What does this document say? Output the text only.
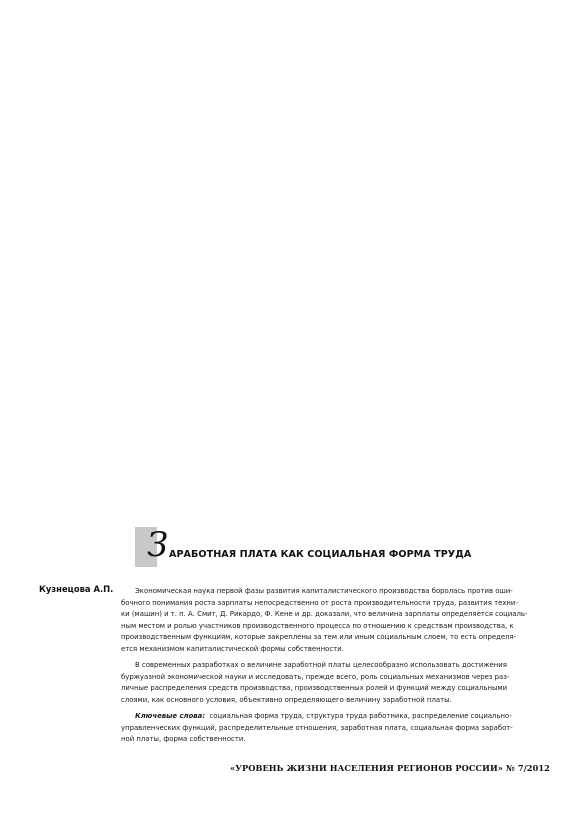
З АРАБОТНАЯ ПЛАТА КАК СОЦИАЛЬНАЯ ФОРМА ТРУДА
Кузнецова А.П.	Экономическая наука первой фазы развития капиталистического производства боролась против оши-
бочного понимания роста зарплаты непосредственно от роста производительности труда, развития техни-
ки (машин) и т. п. А. Смит, Д. Рикардо, Ф. Кене и др. доказали, что величина зарплаты определяется социаль-
ным местом и ролью участников производственного процесса по отношению к средствам производства, к
производственным функциям, которые закреплены за тем или иным социальным слоем, то есть определя-
ется механизмом капиталистической формы собственности.

В современных разработках о величине заработной платы целесообразно использовать достижения
буржуазной экономической науки и исследовать, прежде всего, роль социальных механизмов через раз-
личные распределения средств производства, производственных ролей и функций между социальными
слоями, как основного условия, объективно определяющего величину заработной платы.

Ключевые слова: социальная форма труда, структура труда работника, распределение социально-
управленческих функций, распределительные отношения, заработная плата, социальная форма заработ-
ной платы, форма собственности.

«УРОВЕНЬ ЖИЗНИ НАСЕЛЕНИЯ РЕГИОНОВ РОССИИ» № 7/2012
